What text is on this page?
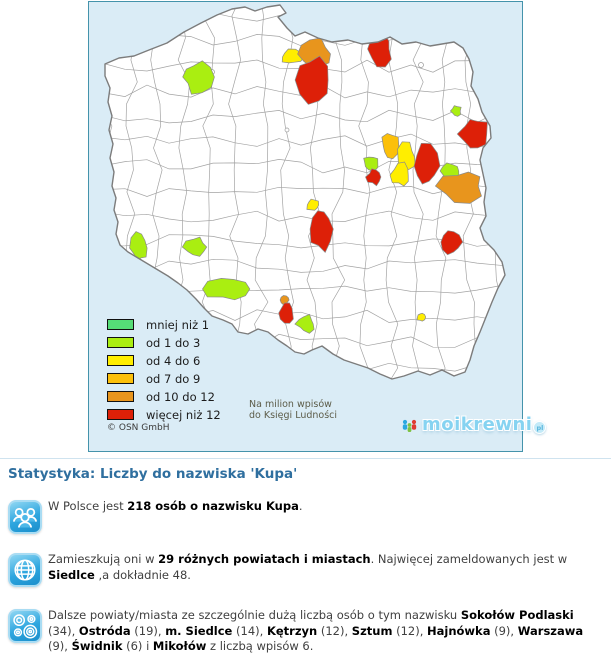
mniej niż 1
od 1 do 3
od 4 do 6
od 7 do 9
od 10 do 12
więcej niż 12
© OSN GmbH
Na milion wpisów
do Księgi Ludności	moikrewni pl
Statystyka: Liczby do nazwiska 'Kupa'
W Polsce jest 218 osób o nazwisku Kupa.
Zamieszkują oni w 29 różnych powiatach i miastach. Najwięcej zameldowanych jest w Siedlce ,a dokładnie 48.
Dalsze powiaty/miasta ze szczególnie dużą liczbą osób o tym nazwisku Sokołów Podlaski (34), Ostróda (19), m. Siedlce (14), Kętrzyn (12), Sztum (12), Hajnówka (9), Warszawa (9), Świdnik (6) i Mikołów z liczbą wpisów 6.
